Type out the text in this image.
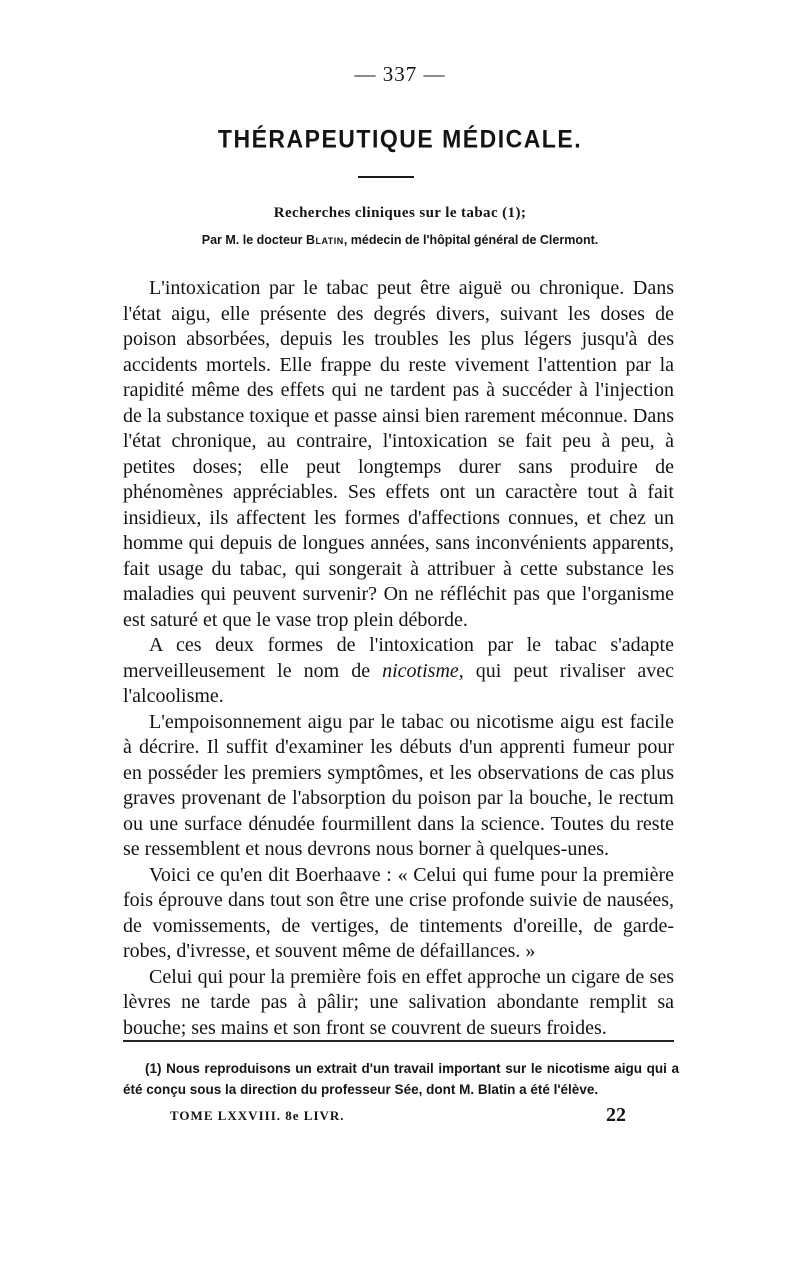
— 337 —
THÉRAPEUTIQUE MÉDICALE.
Recherches cliniques sur le tabac (1);
Par M. le docteur Blatin, médecin de l'hôpital général de Clermont.

L'intoxication par le tabac peut être aiguë ou chronique. Dans l'état aigu, elle présente des degrés divers, suivant les doses de poison absorbées, depuis les troubles les plus légers jusqu'à des accidents mortels. Elle frappe du reste vivement l'attention par la rapidité même des effets qui ne tardent pas à succéder à l'injection de la substance toxique et passe ainsi bien rarement méconnue. Dans l'état chronique, au contraire, l'intoxication se fait peu à peu, à petites doses; elle peut longtemps durer sans produire de phénomènes appréciables. Ses effets ont un caractère tout à fait insidieux, ils affectent les formes d'affections connues, et chez un homme qui depuis de longues années, sans inconvénients apparents, fait usage du tabac, qui songerait à attribuer à cette substance les maladies qui peuvent survenir? On ne réfléchit pas que l'organisme est saturé et que le vase trop plein déborde.

A ces deux formes de l'intoxication par le tabac s'adapte merveilleusement le nom de nicotisme, qui peut rivaliser avec l'alcoolisme.

L'empoisonnement aigu par le tabac ou nicotisme aigu est facile à décrire. Il suffit d'examiner les débuts d'un apprenti fumeur pour en posséder les premiers symptômes, et les observations de cas plus graves provenant de l'absorption du poison par la bouche, le rectum ou une surface dénudée fourmillent dans la science. Toutes du reste se ressemblent et nous devrons nous borner à quelques-unes.

Voici ce qu'en dit Boerhaave : « Celui qui fume pour la première fois éprouve dans tout son être une crise profonde suivie de nausées, de vomissements, de vertiges, de tintements d'oreille, de garde-robes, d'ivresse, et souvent même de défaillances. »

Celui qui pour la première fois en effet approche un cigare de ses lèvres ne tarde pas à pâlir; une salivation abondante remplit sa bouche; ses mains et son front se couvrent de sueurs froides.

(1) Nous reproduisons un extrait d'un travail important sur le nicotisme aigu qui a été conçu sous la direction du professeur Sée, dont M. Blatin a été l'élève.

TOME LXXVIII. 8e LIVR.	22
